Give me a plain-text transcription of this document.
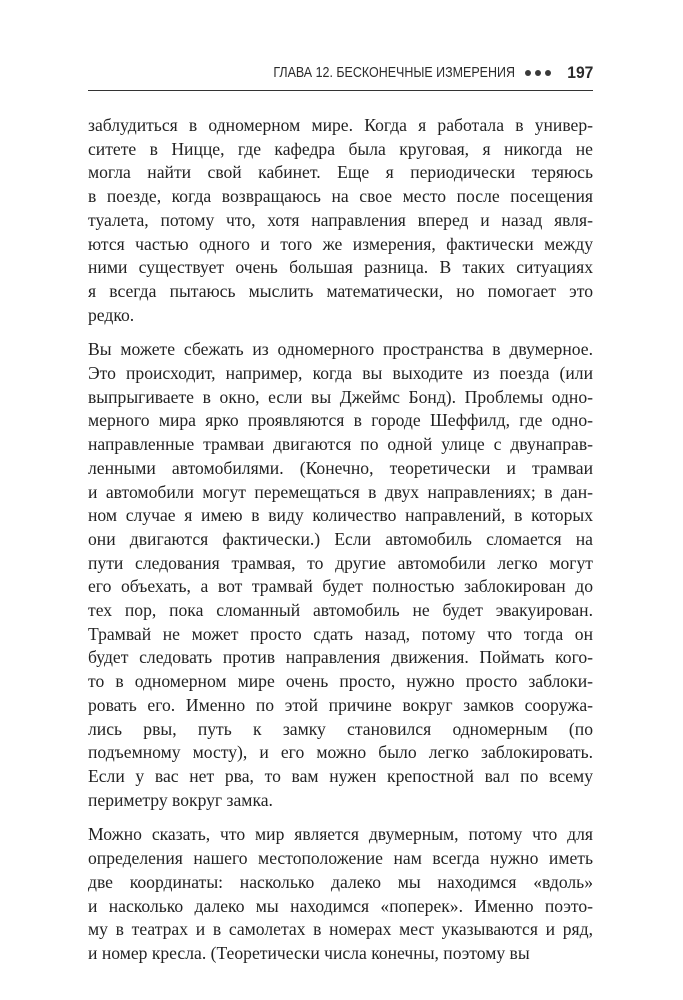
ГЛАВА 12. БЕСКОНЕЧНЫЕ ИЗМЕРЕНИЯ	197
заблудиться в одномерном мире. Когда я работала в универ-
ситете в Ницце, где кафедра была круговая, я никогда не
могла найти свой кабинет. Еще я периодически теряюсь
в поезде, когда возвращаюсь на свое место после посещения
туалета, потому что, хотя направления вперед и назад явля-
ются частью одного и того же измерения, фактически между
ними существует очень большая разница. В таких ситуациях
я всегда пытаюсь мыслить математически, но помогает это
редко.
Вы можете сбежать из одномерного пространства в двумерное.
Это происходит, например, когда вы выходите из поезда (или
выпрыгиваете в окно, если вы Джеймс Бонд). Проблемы одно-
мерного мира ярко проявляются в городе Шеффилд, где одно-
направленные трамваи двигаются по одной улице с двунаправ-
ленными автомобилями. (Конечно, теоретически и трамваи
и автомобили могут перемещаться в двух направлениях; в дан-
ном случае я имею в виду количество направлений, в которых
они двигаются фактически.) Если автомобиль сломается на
пути следования трамвая, то другие автомобили легко могут
его объехать, а вот трамвай будет полностью заблокирован до
тех пор, пока сломанный автомобиль не будет эвакуирован.
Трамвай не может просто сдать назад, потому что тогда он
будет следовать против направления движения. Поймать кого-
то в одномерном мире очень просто, нужно просто заблоки-
ровать его. Именно по этой причине вокруг замков сооружа-
лись рвы, путь к замку становился одномерным (по
подъемному мосту), и его можно было легко заблокировать.
Если у вас нет рва, то вам нужен крепостной вал по всему
периметру вокруг замка.
Можно сказать, что мир является двумерным, потому что для
определения нашего местоположение нам всегда нужно иметь
две координаты: насколько далеко мы находимся «вдоль»
и насколько далеко мы находимся «поперек». Именно поэто-
му в театрах и в самолетах в номерах мест указываются и ряд,
и номер кресла. (Теоретически числа конечны, поэтому вы
